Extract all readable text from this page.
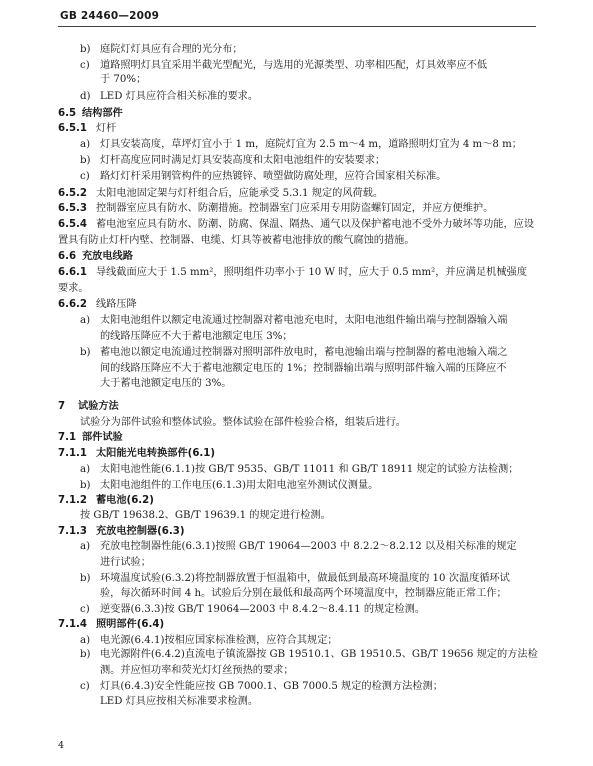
GB 24460—2009
b) 庭院灯灯具应有合理的光分布；
c) 道路照明灯具宜采用半截光型配光，与选用的光源类型、功率相匹配，灯具效率应不低
于 70%；
d) LED 灯具应符合相关标准的要求。
6.5 结构部件
6.5.1 灯杆
a) 灯具安装高度，草坪灯宜小于 1 m，庭院灯宜为 2.5 m～4 m，道路照明灯宜为 4 m～8 m；
b) 灯杆高度应同时满足灯具安装高度和太阳电池组件的安装要求；
c) 路灯灯杆采用钢管构件的应热镀锌、喷塑做防腐处理，应符合国家相关标准。
6.5.2 太阳电池固定架与灯杆组合后，应能承受 5.3.1 规定的风荷载。
6.5.3 控制器室应具有防水、防潮措施。控制器室门应采用专用防盗螺钉固定，并应方便维护。
6.5.4 蓄电池室应具有防水、防潮、防腐、保温、隔热、通气以及保护蓄电池不受外力破坏等功能，应设
置具有防止灯杆内壁、控制器、电缆、灯具等被蓄电池排放的酸气腐蚀的措施。
6.6 充放电线路
6.6.1 导线截面应大于 1.5 mm²，照明组件功率小于 10 W 时，应大于 0.5 mm²，并应满足机械强度
要求。
6.6.2 线路压降
a) 太阳电池组件以额定电流通过控制器对蓄电池充电时，太阳电池组件输出端与控制器输入端
的线路压降应不大于蓄电池额定电压 3%；
b) 蓄电池以额定电流通过控制器对照明部件放电时，蓄电池输出端与控制器的蓄电池输入端之
间的线路压降应不大于蓄电池额定电压的 1%；控制器输出端与照明部件输入端的压降应不
大于蓄电池额定电压的 3%。
7 试验方法
试验分为部件试验和整体试验。整体试验在部件检验合格，组装后进行。
7.1 部件试验
7.1.1 太阳能光电转换部件(6.1)
a) 太阳电池性能(6.1.1)按 GB/T 9535、GB/T 11011 和 GB/T 18911 规定的试验方法检测；
b) 太阳电池组件的工作电压(6.1.3)用太阳电池室外测试仪测量。
7.1.2 蓄电池(6.2)
按 GB/T 19638.2、GB/T 19639.1 的规定进行检测。
7.1.3 充放电控制器(6.3)
a) 充放电控制器性能(6.3.1)按照 GB/T 19064—2003 中 8.2.2～8.2.12 以及相关标准的规定
进行试验；
b) 环境温度试验(6.3.2)将控制器放置于恒温箱中，做最低到最高环境温度的 10 次温度循环试
验，每次循环时间 4 h。试验后分别在最低和最高两个环境温度中，控制器应能正常工作；
c) 逆变器(6.3.3)按 GB/T 19064—2003 中 8.4.2～8.4.11 的规定检测。
7.1.4 照明部件(6.4)
a) 电光源(6.4.1)按相应国家标准检测，应符合其规定；
b) 电光源附件(6.4.2)直流电子镇流器按 GB 19510.1、GB 19510.5、GB/T 19656 规定的方法检
测。并应恒功率和荧光灯灯丝预热的要求；
c) 灯具(6.4.3)安全性能应按 GB 7000.1、GB 7000.5 规定的检测方法检测；
LED 灯具应按相关标准要求检测。
4
